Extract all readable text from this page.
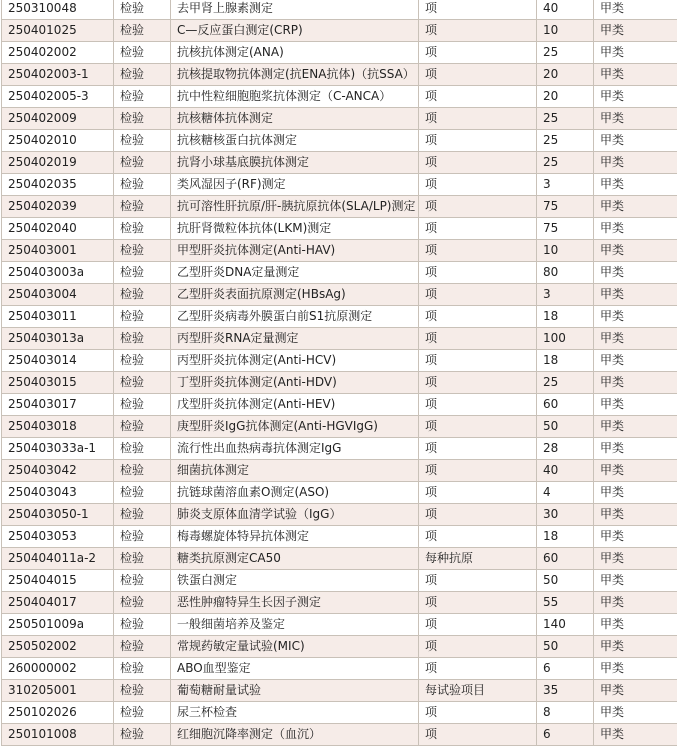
250310048	检验	去甲肾上腺素测定	项	40	甲类
250401025	检验	C—反应蛋白测定(CRP)	项	10	甲类
250402002	检验	抗核抗体测定(ANA)	项	25	甲类
250402003-1	检验	抗核提取物抗体测定(抗ENA抗体)（抗SSA）	项	20	甲类
250402005-3	检验	抗中性粒细胞胞浆抗体测定（C-ANCA）	项	20	甲类
250402009	检验	抗核糖体抗体测定	项	25	甲类
250402010	检验	抗核糖核蛋白抗体测定	项	25	甲类
250402019	检验	抗肾小球基底膜抗体测定	项	25	甲类
250402035	检验	类风湿因子(RF)测定	项	3	甲类
250402039	检验	抗可溶性肝抗原/肝-胰抗原抗体(SLA/LP)测定	项	75	甲类
250402040	检验	抗肝肾微粒体抗体(LKM)测定	项	75	甲类
250403001	检验	甲型肝炎抗体测定(Anti-HAV)	项	10	甲类
250403003a	检验	乙型肝炎DNA定量测定	项	80	甲类
250403004	检验	乙型肝炎表面抗原测定(HBsAg)	项	3	甲类
250403011	检验	乙型肝炎病毒外膜蛋白前S1抗原测定	项	18	甲类
250403013a	检验	丙型肝炎RNA定量测定	项	100	甲类
250403014	检验	丙型肝炎抗体测定(Anti-HCV)	项	18	甲类
250403015	检验	丁型肝炎抗体测定(Anti-HDV)	项	25	甲类
250403017	检验	戊型肝炎抗体测定(Anti-HEV)	项	60	甲类
250403018	检验	庚型肝炎IgG抗体测定(Anti-HGVIgG)	项	50	甲类
250403033a-1	检验	流行性出血热病毒抗体测定IgG	项	28	甲类
250403042	检验	细菌抗体测定	项	40	甲类
250403043	检验	抗链球菌溶血素O测定(ASO)	项	4	甲类
250403050-1	检验	肺炎支原体血清学试验（IgG）	项	30	甲类
250403053	检验	梅毒螺旋体特异抗体测定	项	18	甲类
250404011a-2	检验	糖类抗原测定CA50	每种抗原	60	甲类
250404015	检验	铁蛋白测定	项	50	甲类
250404017	检验	恶性肿瘤特异生长因子测定	项	55	甲类
250501009a	检验	一般细菌培养及鉴定	项	140	甲类
250502002	检验	常规药敏定量试验(MIC)	项	50	甲类
260000002	检验	ABO血型鉴定	项	6	甲类
310205001	检验	葡萄糖耐量试验	每试验项目	35	甲类
250102026	检验	尿三杯检查	项	8	甲类
250101008	检验	红细胞沉降率测定（血沉）	项	6	甲类
